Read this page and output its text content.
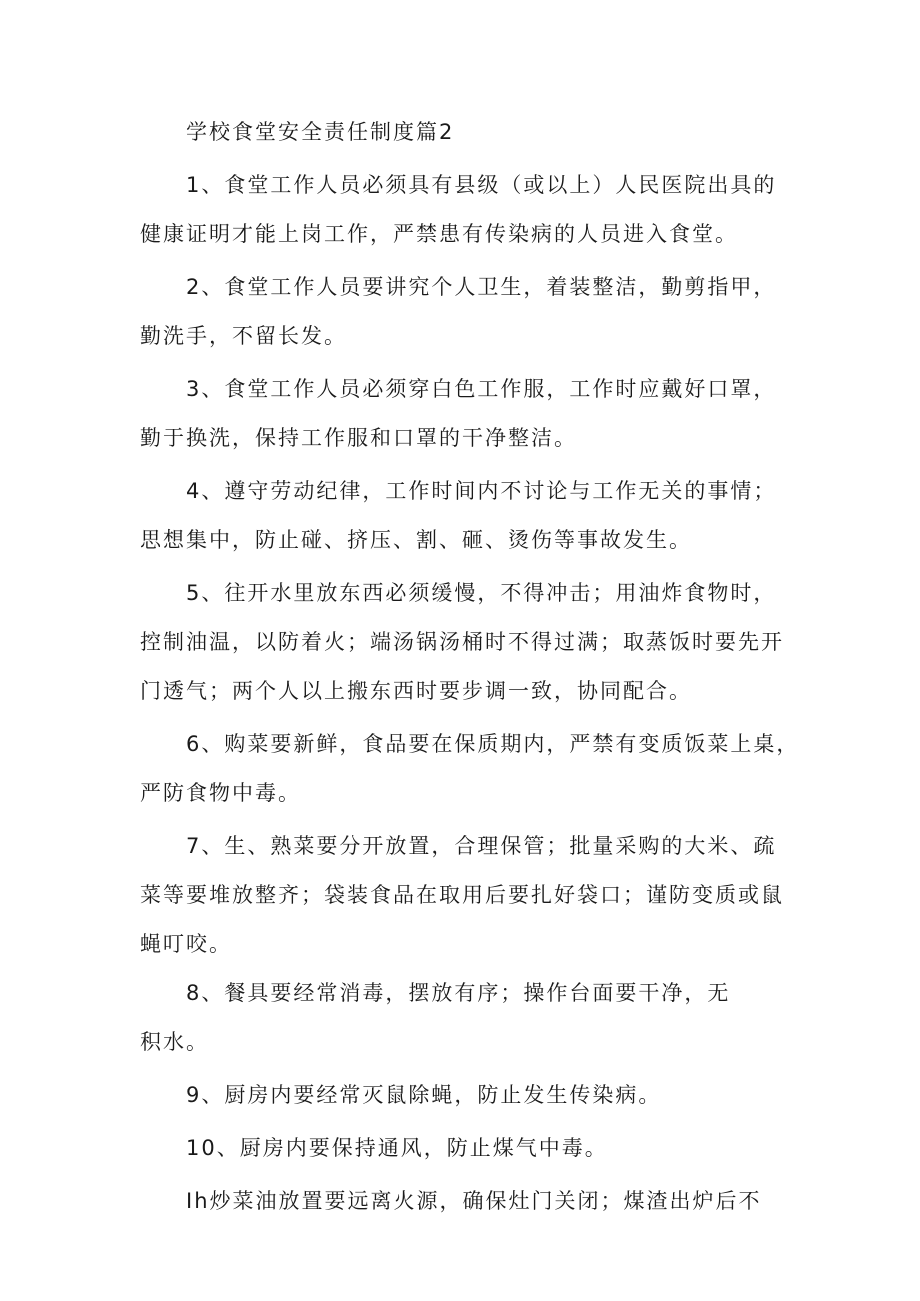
学校食堂安全责任制度篇2

1、食堂工作人员必须具有县级（或以上）人民医院出具的

健康证明才能上岗工作，严禁患有传染病的人员进入食堂。

2、食堂工作人员要讲究个人卫生，着装整洁，勤剪指甲，

勤洗手，不留长发。

3、食堂工作人员必须穿白色工作服，工作时应戴好口罩，

勤于换洗，保持工作服和口罩的干净整洁。

4、遵守劳动纪律，工作时间内不讨论与工作无关的事情；

思想集中，防止碰、挤压、割、砸、烫伤等事故发生。

5、往开水里放东西必须缓慢，不得冲击；用油炸食物时，

控制油温，以防着火；端汤锅汤桶时不得过满；取蒸饭时要先开

门透气；两个人以上搬东西时要步调一致，协同配合。

6、购菜要新鲜，食品要在保质期内，严禁有变质饭菜上桌，

严防食物中毒。

7、生、熟菜要分开放置，合理保管；批量采购的大米、疏

菜等要堆放整齐；袋装食品在取用后要扎好袋口；谨防变质或鼠

蝇叮咬。

8、餐具要经常消毒，摆放有序；操作台面要干净，无

积水。

9、厨房内要经常灭鼠除蝇，防止发生传染病。

10、厨房内要保持通风，防止煤气中毒。

Ih炒菜油放置要远离火源，确保灶门关闭；煤渣出炉后不
